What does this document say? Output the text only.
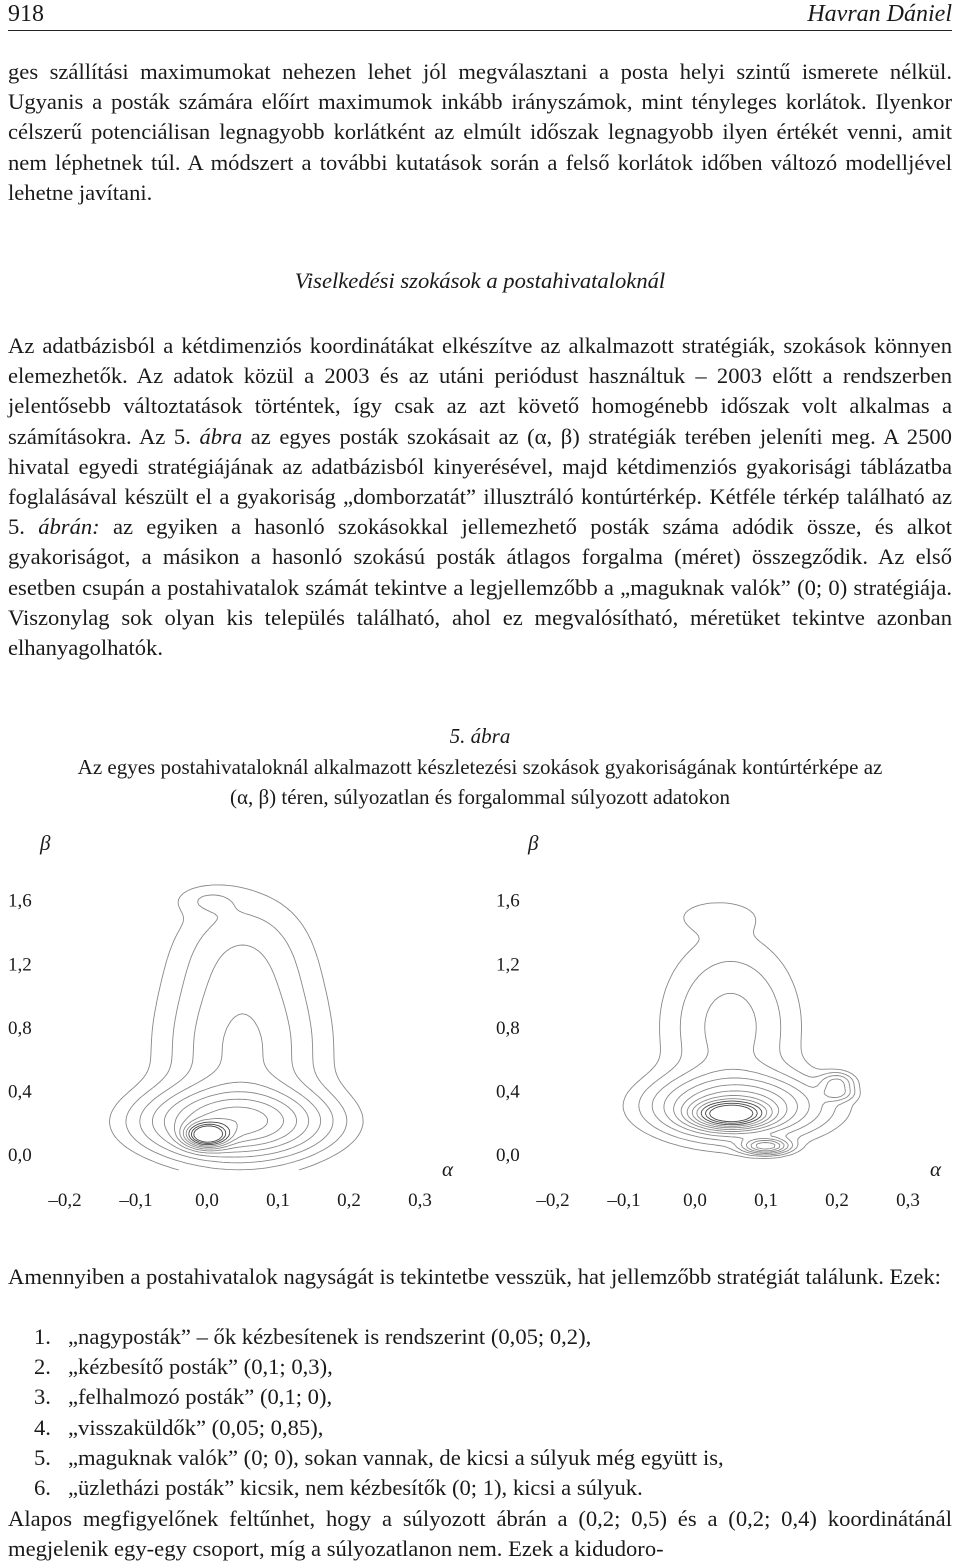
918	Havran Dániel

ges szállítási maximumokat nehezen lehet jól megválasztani a posta helyi szintű ismerete nélkül. Ugyanis a posták számára előírt maximumok inkább irányszámok, mint tényleges korlátok. Ilyenkor célszerű potenciálisan legnagyobb korlátként az elmúlt időszak legnagyobb ilyen értékét venni, amit nem léphetnek túl. A módszert a további kutatások során a felső korlátok időben változó modelljével lehetne javítani.

Viselkedési szokások a postahivataloknál

Az adatbázisból a kétdimenziós koordinátákat elkészítve az alkalmazott stratégiák, szokások könnyen elemezhetők. Az adatok közül a 2003 és az utáni periódust használtuk – 2003 előtt a rendszerben jelentősebb változtatások történtek, így csak az azt követő homogénebb időszak volt alkalmas a számításokra. Az 5. ábra az egyes posták szokásait az (α, β) stratégiák terében jeleníti meg. A 2500 hivatal egyedi stratégiájának az adatbázisból kinyerésével, majd kétdimenziós gyakorisági táblázatba foglalásával készült el a gyakoriság „domborzatát” illusztráló kontúrtérkép. Kétféle térkép található az 5. ábrán: az egyiken a hasonló szokásokkal jellemezhető posták száma adódik össze, és alkot gyakoriságot, a másikon a hasonló szokású posták átlagos forgalma (méret) összegződik. Az első esetben csupán a postahivatalok számát tekintve a legjellemzőbb a „maguknak valók” (0; 0) stratégiája. Viszonylag sok olyan kis település található, ahol ez megvalósítható, méretüket tekintve azonban elhanyagolhatók.

5. ábra
Az egyes postahivataloknál alkalmazott készletezési szokások gyakoriságának kontúrtérképe az
(α, β) téren, súlyozatlan és forgalommal súlyozott adatokon
β
α
0,0
0,4
0,8
1,2
1,6
–0,2 –0,1 0,0 0,1 0,2 0,3
β
α
0,0
0,4
0,8
1,2
1,6
–0,2 –0,1 0,0 0,1 0,2 0,3

Amennyiben a postahivatalok nagyságát is tekintetbe vesszük, hat jellemzőbb stratégiát találunk. Ezek:

1. „nagyposták” – ők kézbesítenek is rendszerint (0,05; 0,2),
2. „kézbesítő posták” (0,1; 0,3),
3. „felhalmozó posták” (0,1; 0),
4. „visszaküldők” (0,05; 0,85),
5. „maguknak valók” (0; 0), sokan vannak, de kicsi a súlyuk még együtt is,
6. „üzletházi posták” kicsik, nem kézbesítők (0; 1), kicsi a súlyuk.

Alapos megfigyelőnek feltűnhet, hogy a súlyozott ábrán a (0,2; 0,5) és a (0,2; 0,4) koordinátánál megjelenik egy-egy csoport, míg a súlyozatlanon nem. Ezek a kidudoro-
